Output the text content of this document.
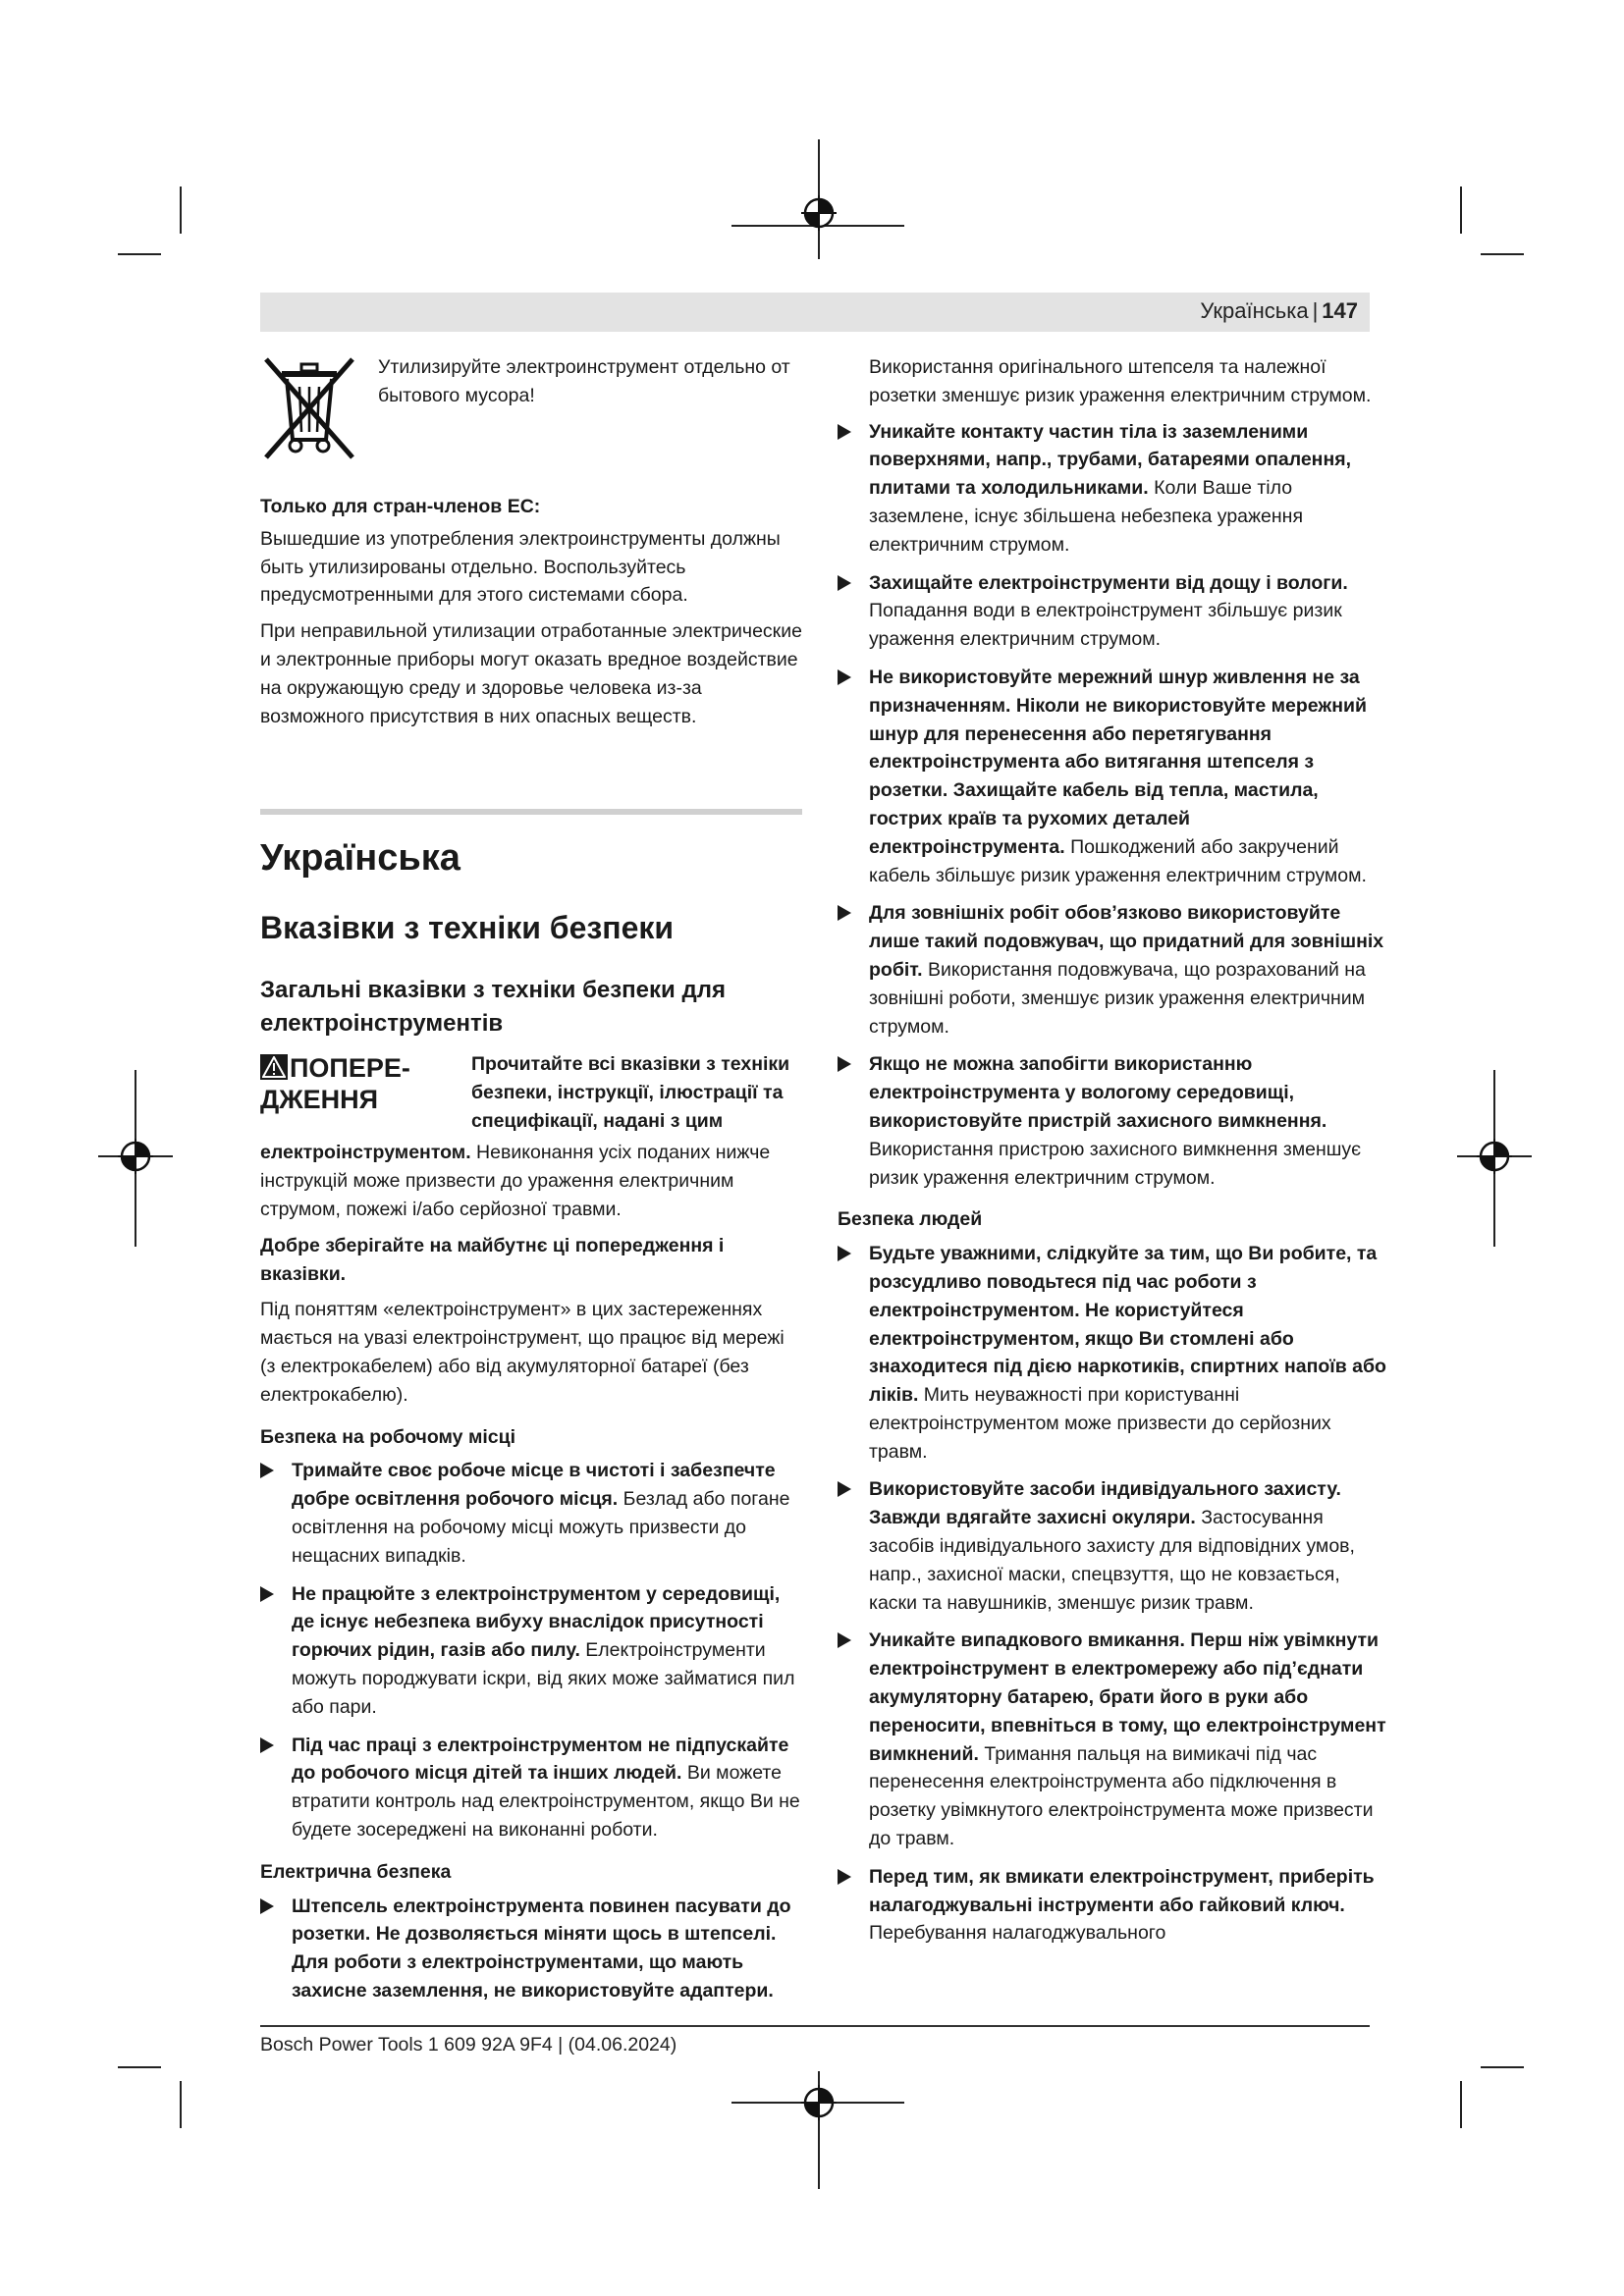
Українська | 147
Утилизируйте электроинструмент отдельно от бытового мусора!

Только для стран-членов ЕС:

Вышедшие из употребления электроинструменты должны быть утилизированы отдельно. Воспользуйтесь предусмотренными для этого системами сбора.

При неправильной утилизации отработанные электрические и электронные приборы могут оказать вредное воздействие на окружающую среду и здоровье человека из-за возможного присутствия в них опасных веществ.

Українська
Вказівки з техніки безпеки
Загальні вказівки з техніки безпеки для електроінструментів
ПОПЕРЕ-ДЖЕННЯ
Прочитайте всі вказівки з техніки безпеки, інструкції, ілюстрації та специфікації, надані з цим

електроінструментом. Невиконання усіх поданих нижче інструкцій може призвести до ураження електричним струмом, пожежі і/або серйозної травми.

Добре зберігайте на майбутнє ці попередження і вказівки.

Під поняттям «електроінструмент» в цих застереженнях мається на увазі електроінструмент, що працює від мережі (з електрокабелем) або від акумуляторної батареї (без електрокабелю).

Безпека на робочому місці

Тримайте своє робоче місце в чистоті і забезпечте добре освітлення робочого місця. Безлад або погане освітлення на робочому місці можуть призвести до нещасних випадків.
Не працюйте з електроінструментом у середовищі, де існує небезпека вибуху внаслідок присутності горючих рідин, газів або пилу. Електроінструменти можуть породжувати іскри, від яких може займатися пил або пари.
Під час праці з електроінструментом не підпускайте до робочого місця дітей та інших людей. Ви можете втратити контроль над електроінструментом, якщо Ви не будете зосереджені на виконанні роботи.

Електрична безпека

Штепсель електроінструмента повинен пасувати до розетки. Не дозволяється міняти щось в штепселі. Для роботи з електроінструментами, що мають захисне заземлення, не використовуйте адаптери.

Використання оригінального штепселя та належної розетки зменшує ризик ураження електричним струмом.

Уникайте контакту частин тіла із заземленими поверхнями, напр., трубами, батареями опалення, плитами та холодильниками. Коли Ваше тіло заземлене, існує збільшена небезпека ураження електричним струмом.
Захищайте електроінструменти від дощу і вологи. Попадання води в електроінструмент збільшує ризик ураження електричним струмом.
Не використовуйте мережний шнур живлення не за призначенням. Ніколи не використовуйте мережний шнур для перенесення або перетягування електроінструмента або витягання штепселя з розетки. Захищайте кабель від тепла, мастила, гострих країв та рухомих деталей електроінструмента. Пошкоджений або закручений кабель збільшує ризик ураження електричним струмом.
Для зовнішніх робіт обов’язково використовуйте лише такий подовжувач, що придатний для зовнішніх робіт. Використання подовжувача, що розрахований на зовнішні роботи, зменшує ризик ураження електричним струмом.
Якщо не можна запобігти використанню електроінструмента у вологому середовищі, використовуйте пристрій захисного вимкнення. Використання пристрою захисного вимкнення зменшує ризик ураження електричним струмом.

Безпека людей

Будьте уважними, слідкуйте за тим, що Ви робите, та розсудливо поводьтеся під час роботи з електроінструментом. Не користуйтеся електроінструментом, якщо Ви стомлені або знаходитеся під дією наркотиків, спиртних напоїв або ліків. Мить неуважності при користуванні електроінструментом може призвести до серйозних травм.
Використовуйте засоби індивідуального захисту. Завжди вдягайте захисні окуляри. Застосування засобів індивідуального захисту для відповідних умов, напр., захисної маски, спецвзуття, що не ковзається, каски та навушників, зменшує ризик травм.
Уникайте випадкового вмикання. Перш ніж увімкнути електроінструмент в електромережу або під’єднати акумуляторну батарею, брати його в руки або переносити, впевніться в тому, що електроінструмент вимкнений. Тримання пальця на вимикачі під час перенесення електроінструмента або підключення в розетку увімкнутого електроінструмента може призвести до травм.
Перед тим, як вмикати електроінструмент, приберіть налагоджувальні інструменти або гайковий ключ. Перебування налагоджувального
Bosch Power Tools 1 609 92A 9F4 | (04.06.2024)
